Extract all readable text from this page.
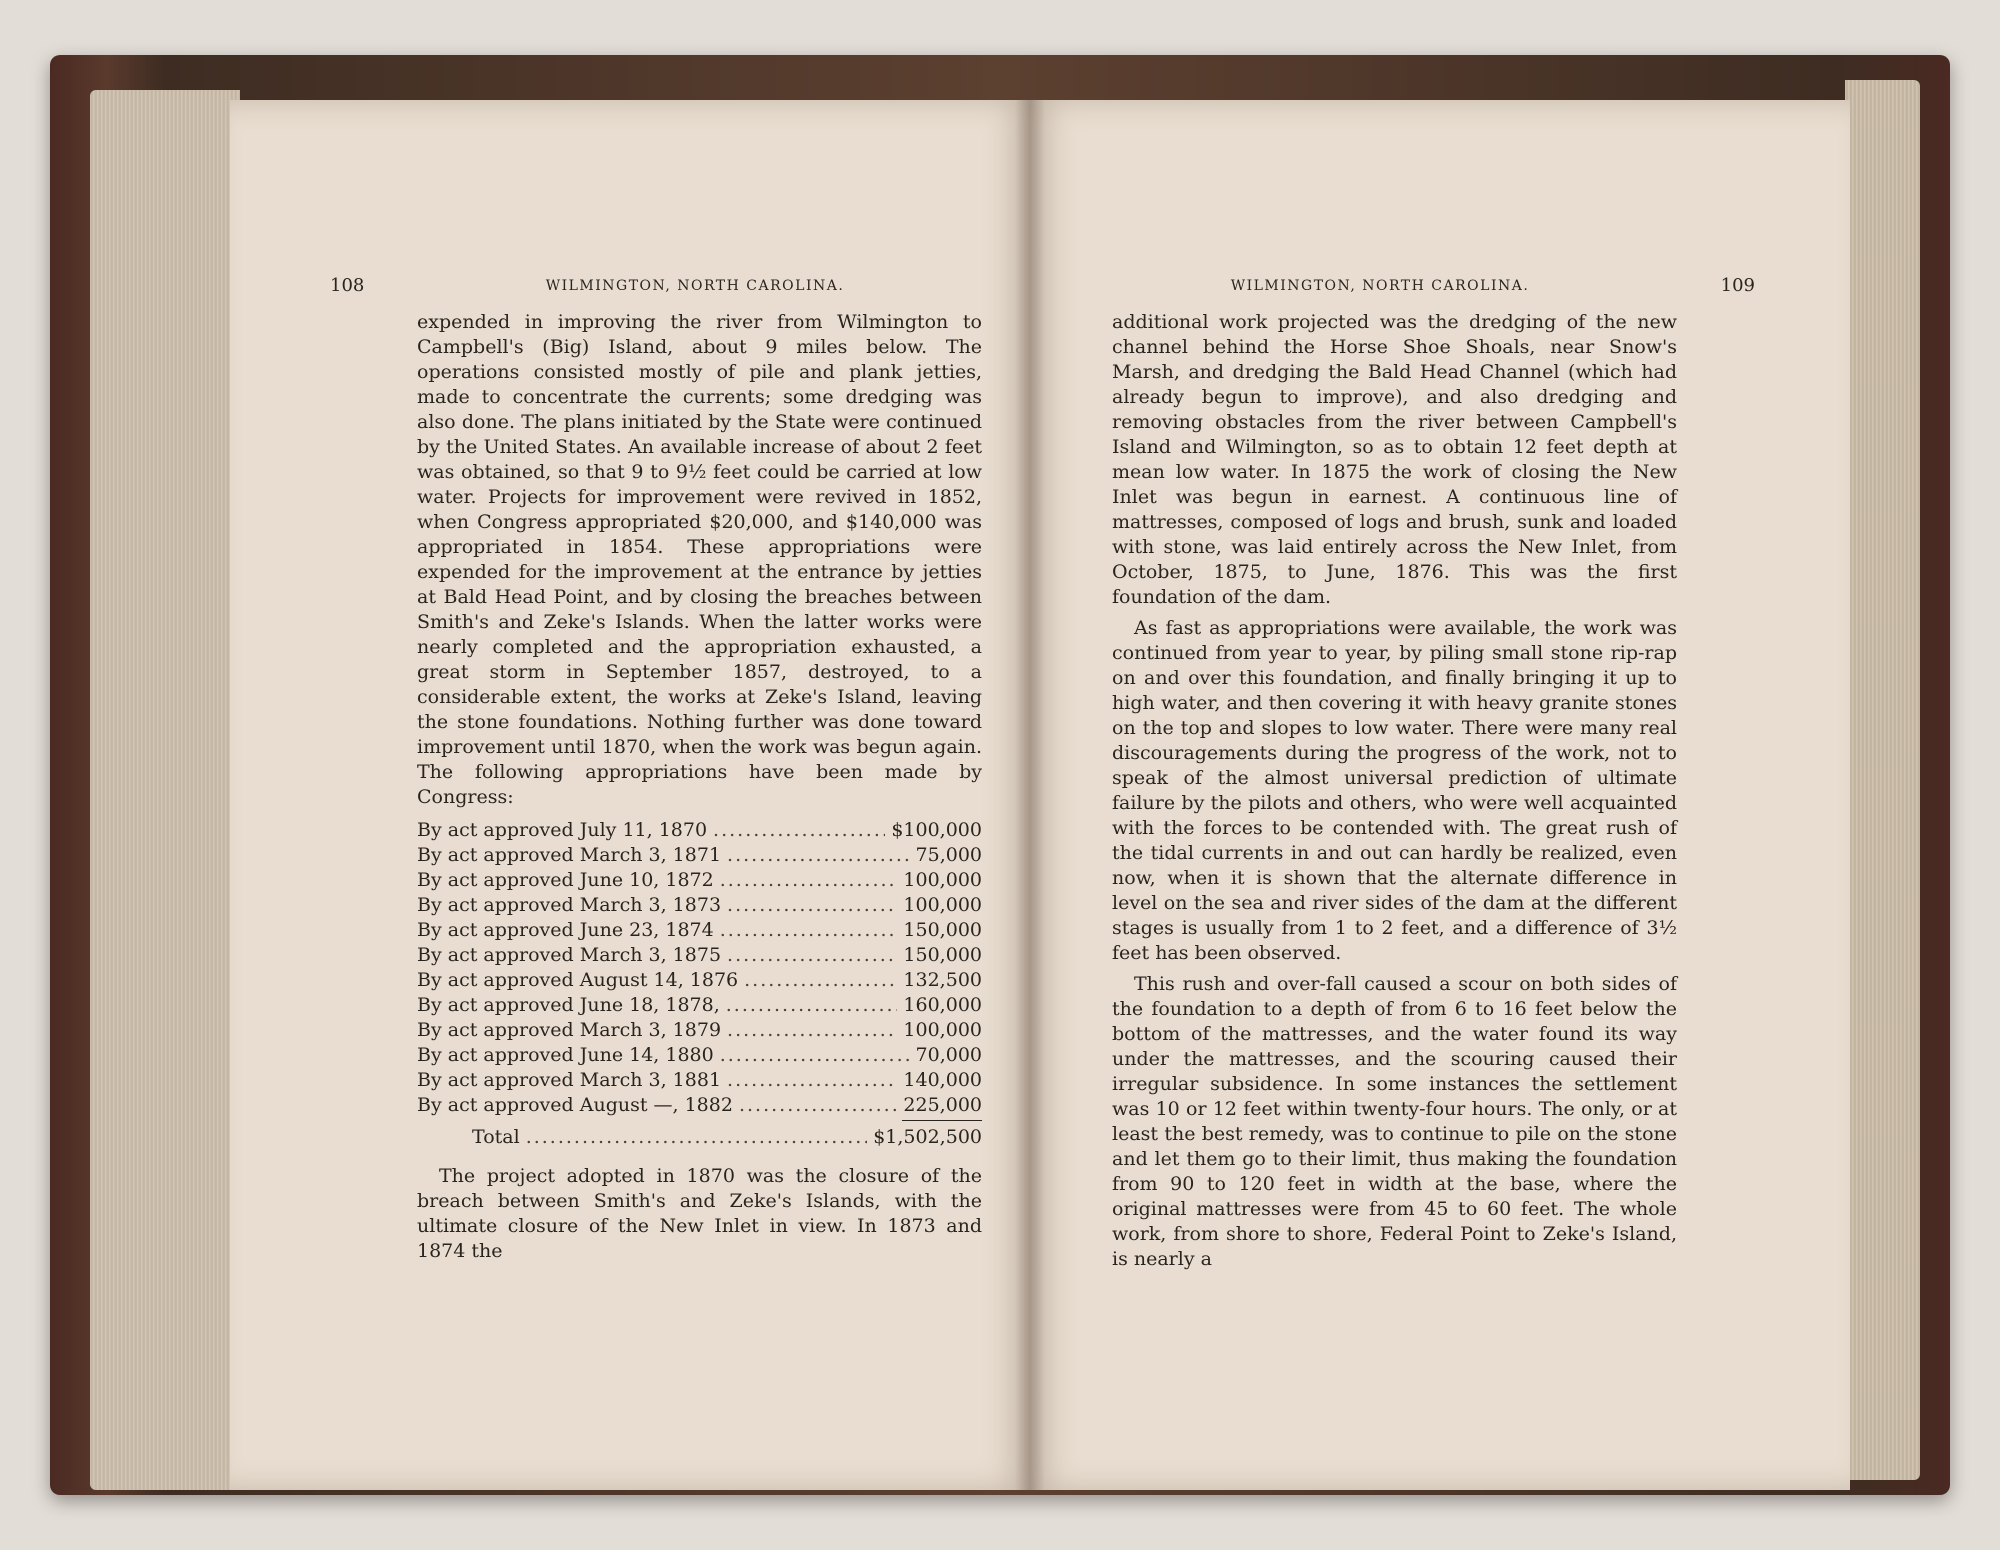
108	WILMINGTON, NORTH CAROLINA.

expended in improving the river from Wilmington to Campbell's (Big) Island, about 9 miles below. The operations consisted mostly of pile and plank jetties, made to concentrate the currents; some dredging was also done. The plans initiated by the State were continued by the United States. An available increase of about 2 feet was obtained, so that 9 to 9½ feet could be carried at low water. Projects for improvement were revived in 1852, when Congress appropriated $20,000, and $140,000 was appropriated in 1854. These appropriations were expended for the improvement at the entrance by jetties at Bald Head Point, and by closing the breaches between Smith's and Zeke's Islands. When the latter works were nearly completed and the appropriation exhausted, a great storm in September 1857, destroyed, to a considerable extent, the works at Zeke's Island, leaving the stone foundations. Nothing further was done toward improvement until 1870, when the work was begun again. The following appropriations have been made by Congress:

By act approved July 11, 1870 .....	$100,000
By act approved March 3, 1871 .....	75,000
By act approved June 10, 1872 .....	100,000
By act approved March 3, 1873 .....	100,000
By act approved June 23, 1874 .....	150,000
By act approved March 3, 1875 .....	150,000
By act approved August 14, 1876 .....	132,500
By act approved June 18, 1878, .....	160,000
By act approved March 3, 1879 .....	100,000
By act approved June 14, 1880 .....	70,000
By act approved March 3, 1881 .....	140,000
By act approved August —, 1882 .....	225,000
Total .....	$1,502,500

The project adopted in 1870 was the closure of the breach between Smith's and Zeke's Islands, with the ultimate closure of the New Inlet in view. In 1873 and 1874 the

WILMINGTON, NORTH CAROLINA.	109

additional work projected was the dredging of the new channel behind the Horse Shoe Shoals, near Snow's Marsh, and dredging the Bald Head Channel (which had already begun to improve), and also dredging and removing obstacles from the river between Campbell's Island and Wilmington, so as to obtain 12 feet depth at mean low water. In 1875 the work of closing the New Inlet was begun in earnest. A continuous line of mattresses, composed of logs and brush, sunk and loaded with stone, was laid entirely across the New Inlet, from October, 1875, to June, 1876. This was the first foundation of the dam.

As fast as appropriations were available, the work was continued from year to year, by piling small stone rip-rap on and over this foundation, and finally bringing it up to high water, and then covering it with heavy granite stones on the top and slopes to low water. There were many real discouragements during the progress of the work, not to speak of the almost universal prediction of ultimate failure by the pilots and others, who were well acquainted with the forces to be contended with. The great rush of the tidal currents in and out can hardly be realized, even now, when it is shown that the alternate difference in level on the sea and river sides of the dam at the different stages is usually from 1 to 2 feet, and a difference of 3½ feet has been observed.

This rush and over-fall caused a scour on both sides of the foundation to a depth of from 6 to 16 feet below the bottom of the mattresses, and the water found its way under the mattresses, and the scouring caused their irregular subsidence. In some instances the settlement was 10 or 12 feet within twenty-four hours. The only, or at least the best remedy, was to continue to pile on the stone and let them go to their limit, thus making the foundation from 90 to 120 feet in width at the base, where the original mattresses were from 45 to 60 feet. The whole work, from shore to shore, Federal Point to Zeke's Island, is nearly a
